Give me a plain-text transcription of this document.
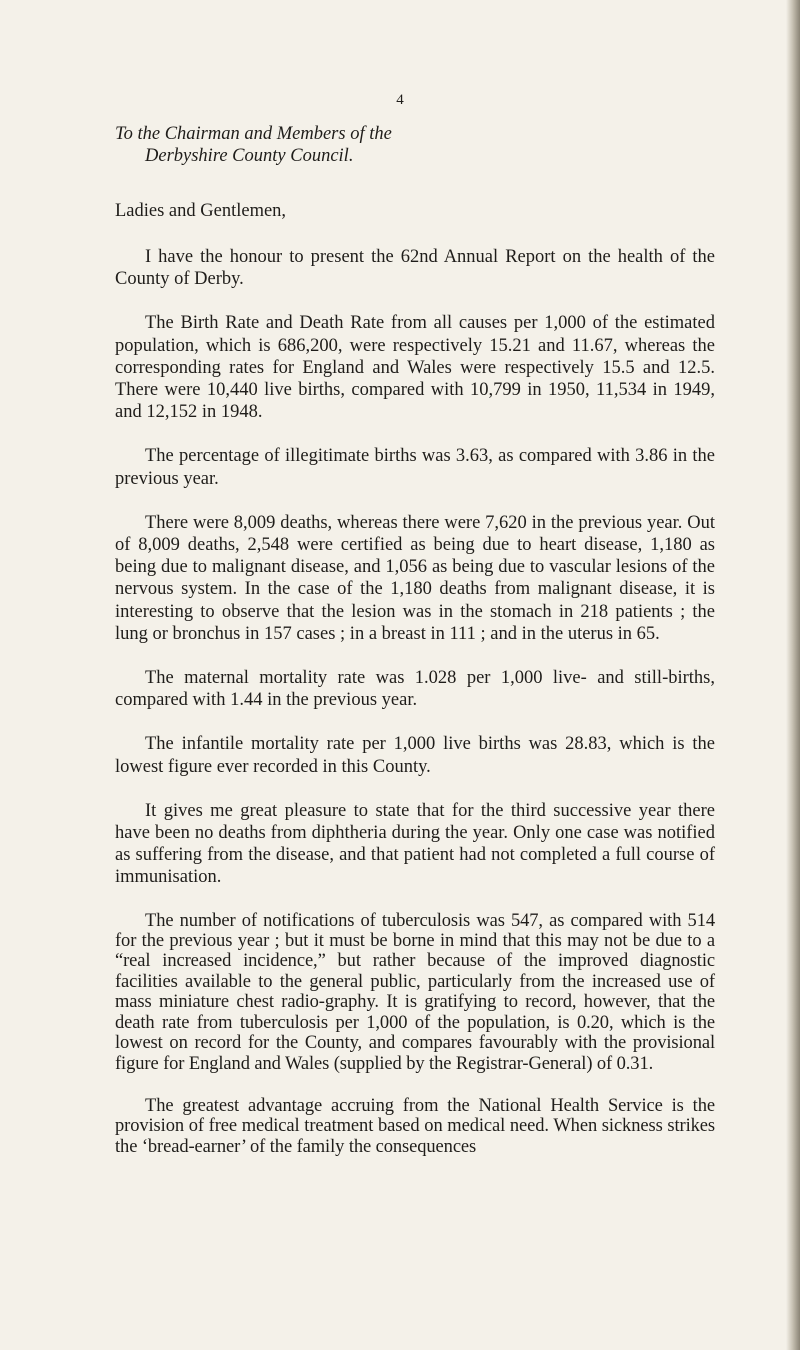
4
To the Chairman and Members of the
Derbyshire County Council.
Ladies and Gentlemen,

I have the honour to present the 62nd Annual Report on the health of the County of Derby.

The Birth Rate and Death Rate from all causes per 1,000 of the estimated population, which is 686,200, were respectively 15.21 and 11.67, whereas the corresponding rates for England and Wales were respectively 15.5 and 12.5. There were 10,440 live births, compared with 10,799 in 1950, 11,534 in 1949, and 12,152 in 1948.

The percentage of illegitimate births was 3.63, as compared with 3.86 in the previous year.

There were 8,009 deaths, whereas there were 7,620 in the previous year. Out of 8,009 deaths, 2,548 were certified as being due to heart disease, 1,180 as being due to malignant disease, and 1,056 as being due to vascular lesions of the nervous system. In the case of the 1,180 deaths from malignant disease, it is interesting to observe that the lesion was in the stomach in 218 patients ; the lung or bronchus in 157 cases ; in a breast in 111 ; and in the uterus in 65.

The maternal mortality rate was 1.028 per 1,000 live- and still-births, compared with 1.44 in the previous year.

The infantile mortality rate per 1,000 live births was 28.83, which is the lowest figure ever recorded in this County.

It gives me great pleasure to state that for the third successive year there have been no deaths from diphtheria during the year. Only one case was notified as suffering from the disease, and that patient had not completed a full course of immunisation.

The number of notifications of tuberculosis was 547, as compared with 514 for the previous year ; but it must be borne in mind that this may not be due to a “real increased incidence,” but rather because of the improved diagnostic facilities available to the general public, particularly from the increased use of mass miniature chest radio-graphy. It is gratifying to record, however, that the death rate from tuberculosis per 1,000 of the population, is 0.20, which is the lowest on record for the County, and compares favourably with the provisional figure for England and Wales (supplied by the Registrar-General) of 0.31.

The greatest advantage accruing from the National Health Service is the provision of free medical treatment based on medical need. When sickness strikes the ‘bread-earner’ of the family the consequences
